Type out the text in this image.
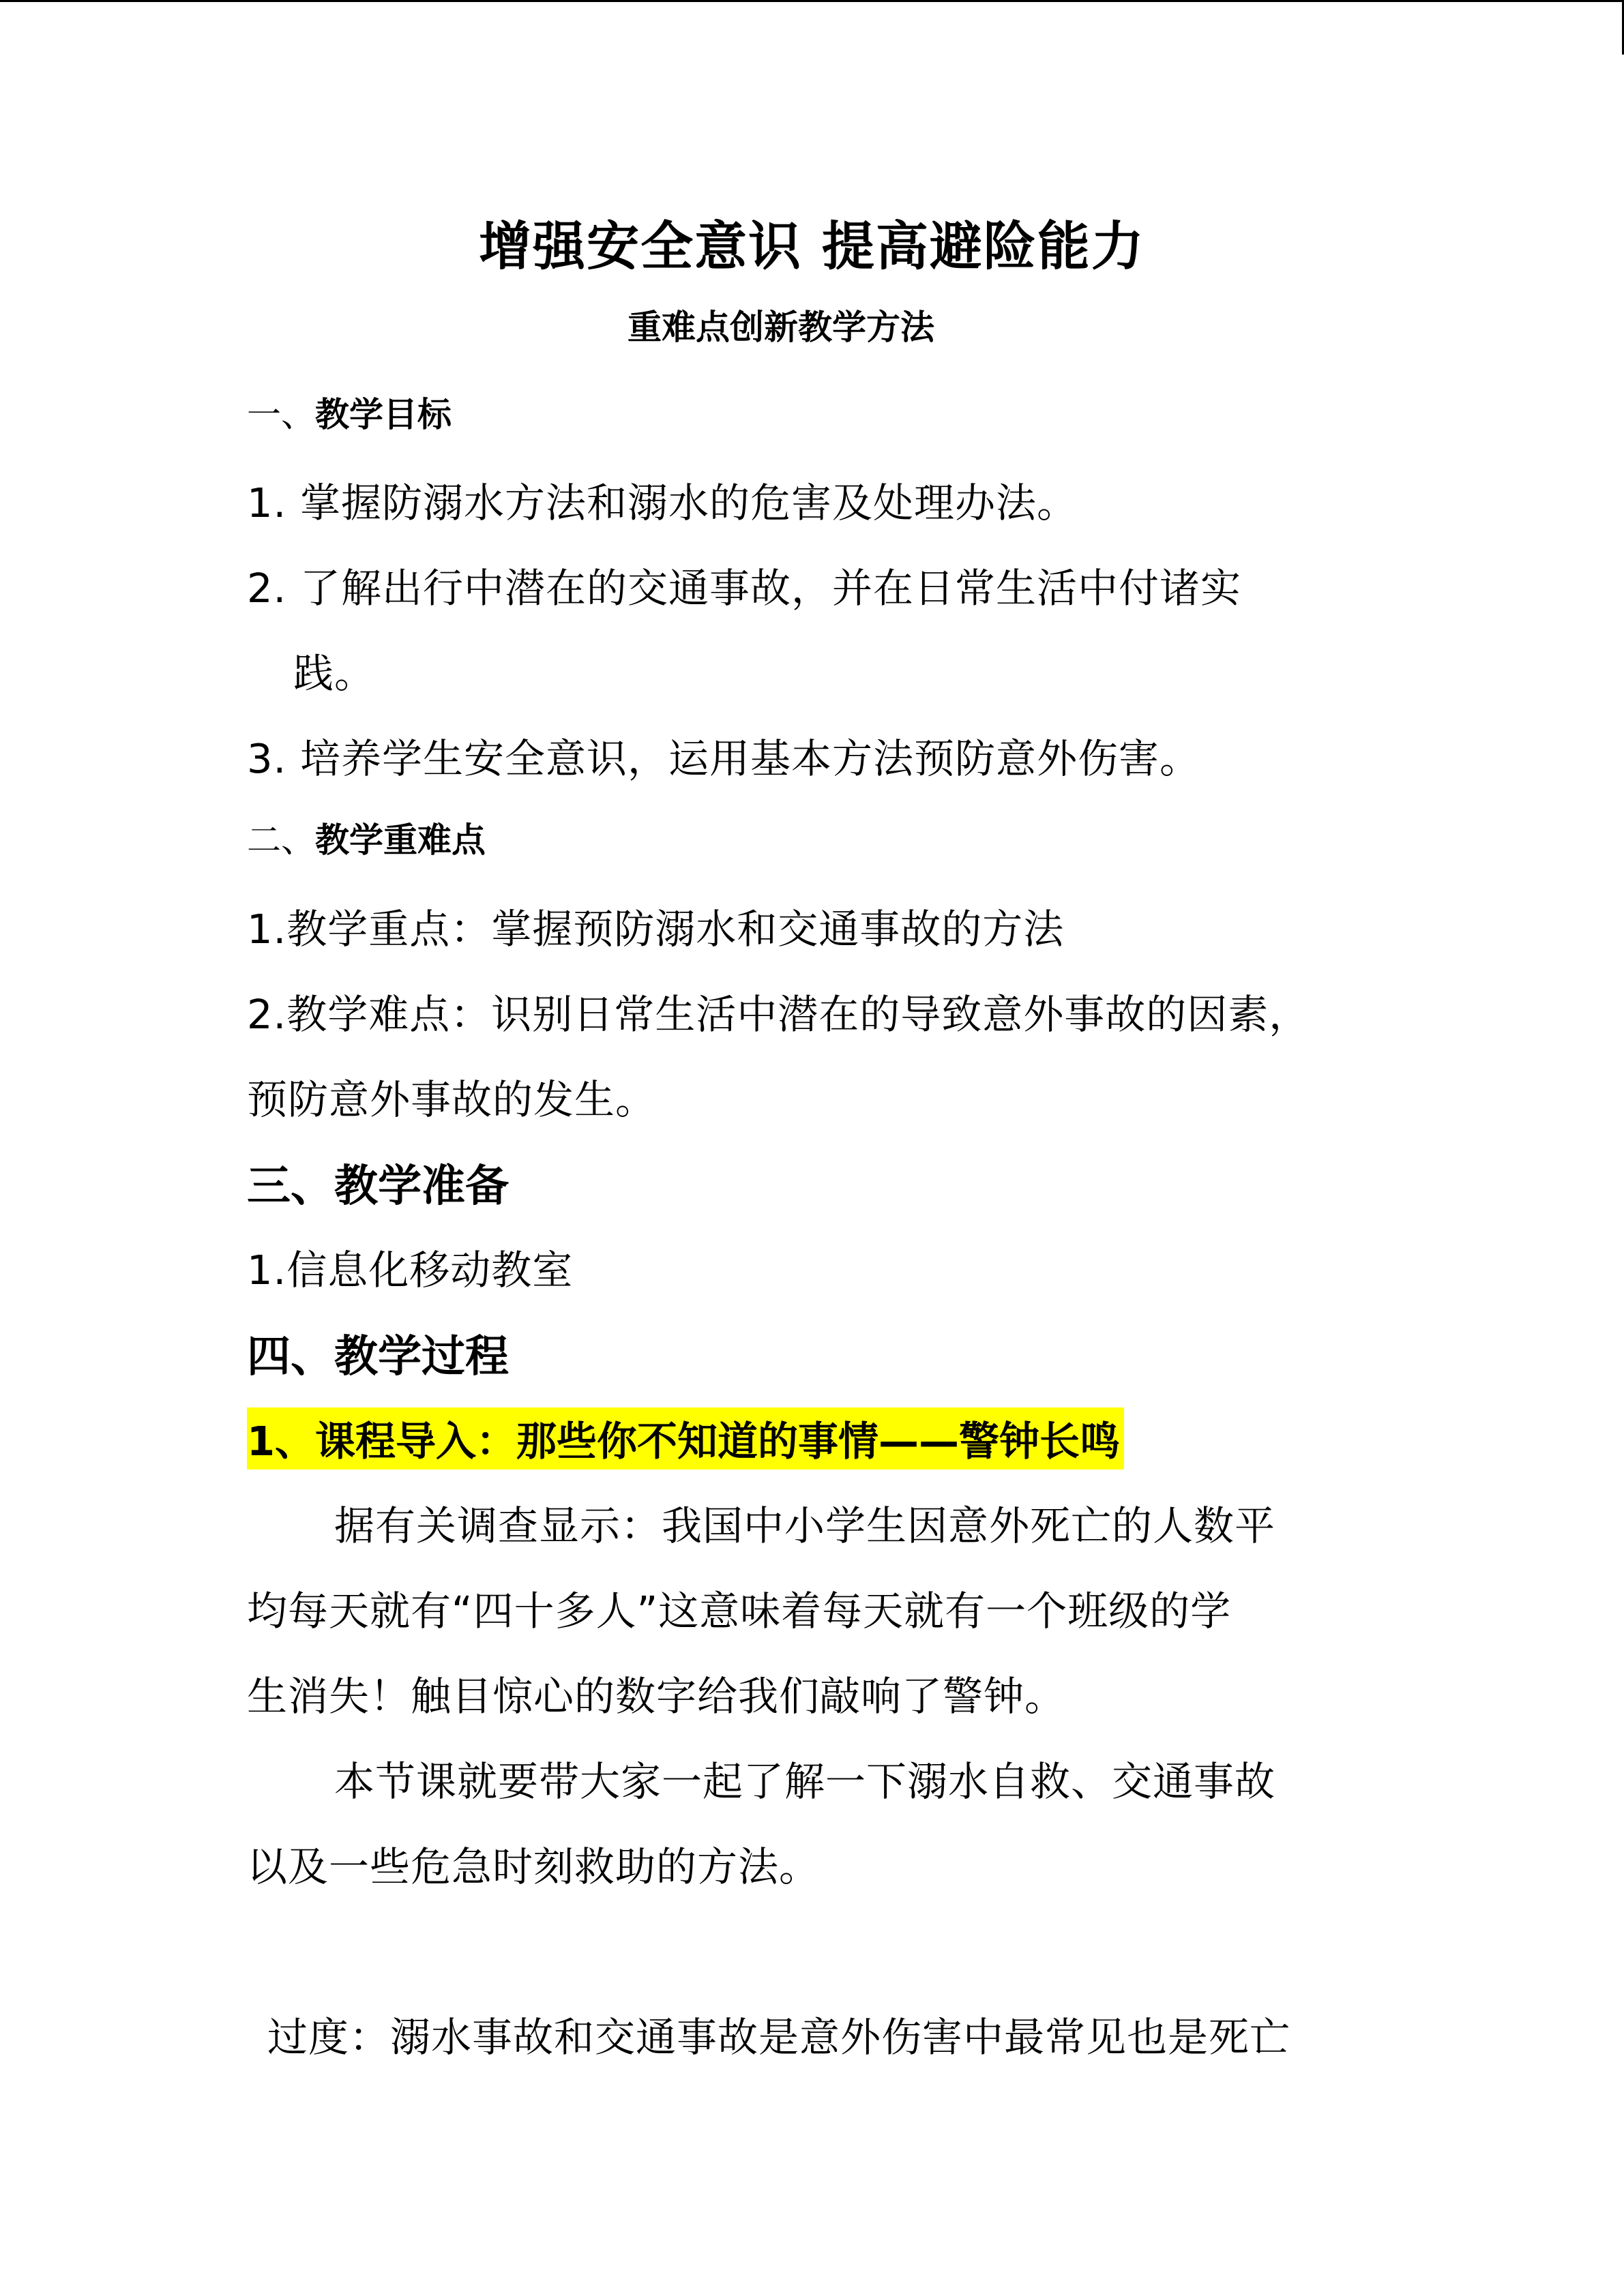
增强安全意识 提高避险能力
重难点创新教学方法
一、教学目标
1. 掌握防溺水方法和溺水的危害及处理办法。
2. 了解出行中潜在的交通事故，并在日常生活中付诸实
践。
3. 培养学生安全意识，运用基本方法预防意外伤害。
二、教学重难点
1.教学重点：掌握预防溺水和交通事故的方法
2.教学难点：识别日常生活中潜在的导致意外事故的因素，
预防意外事故的发生。
三、教学准备
1.信息化移动教室
四、教学过程
1、课程导入：那些你不知道的事情——警钟长鸣
据有关调查显示：我国中小学生因意外死亡的人数平
均每天就有“四十多人”这意味着每天就有一个班级的学
生消失！触目惊心的数字给我们敲响了警钟。
本节课就要带大家一起了解一下溺水自救、交通事故
以及一些危急时刻救助的方法。
过度：溺水事故和交通事故是意外伤害中最常见也是死亡
